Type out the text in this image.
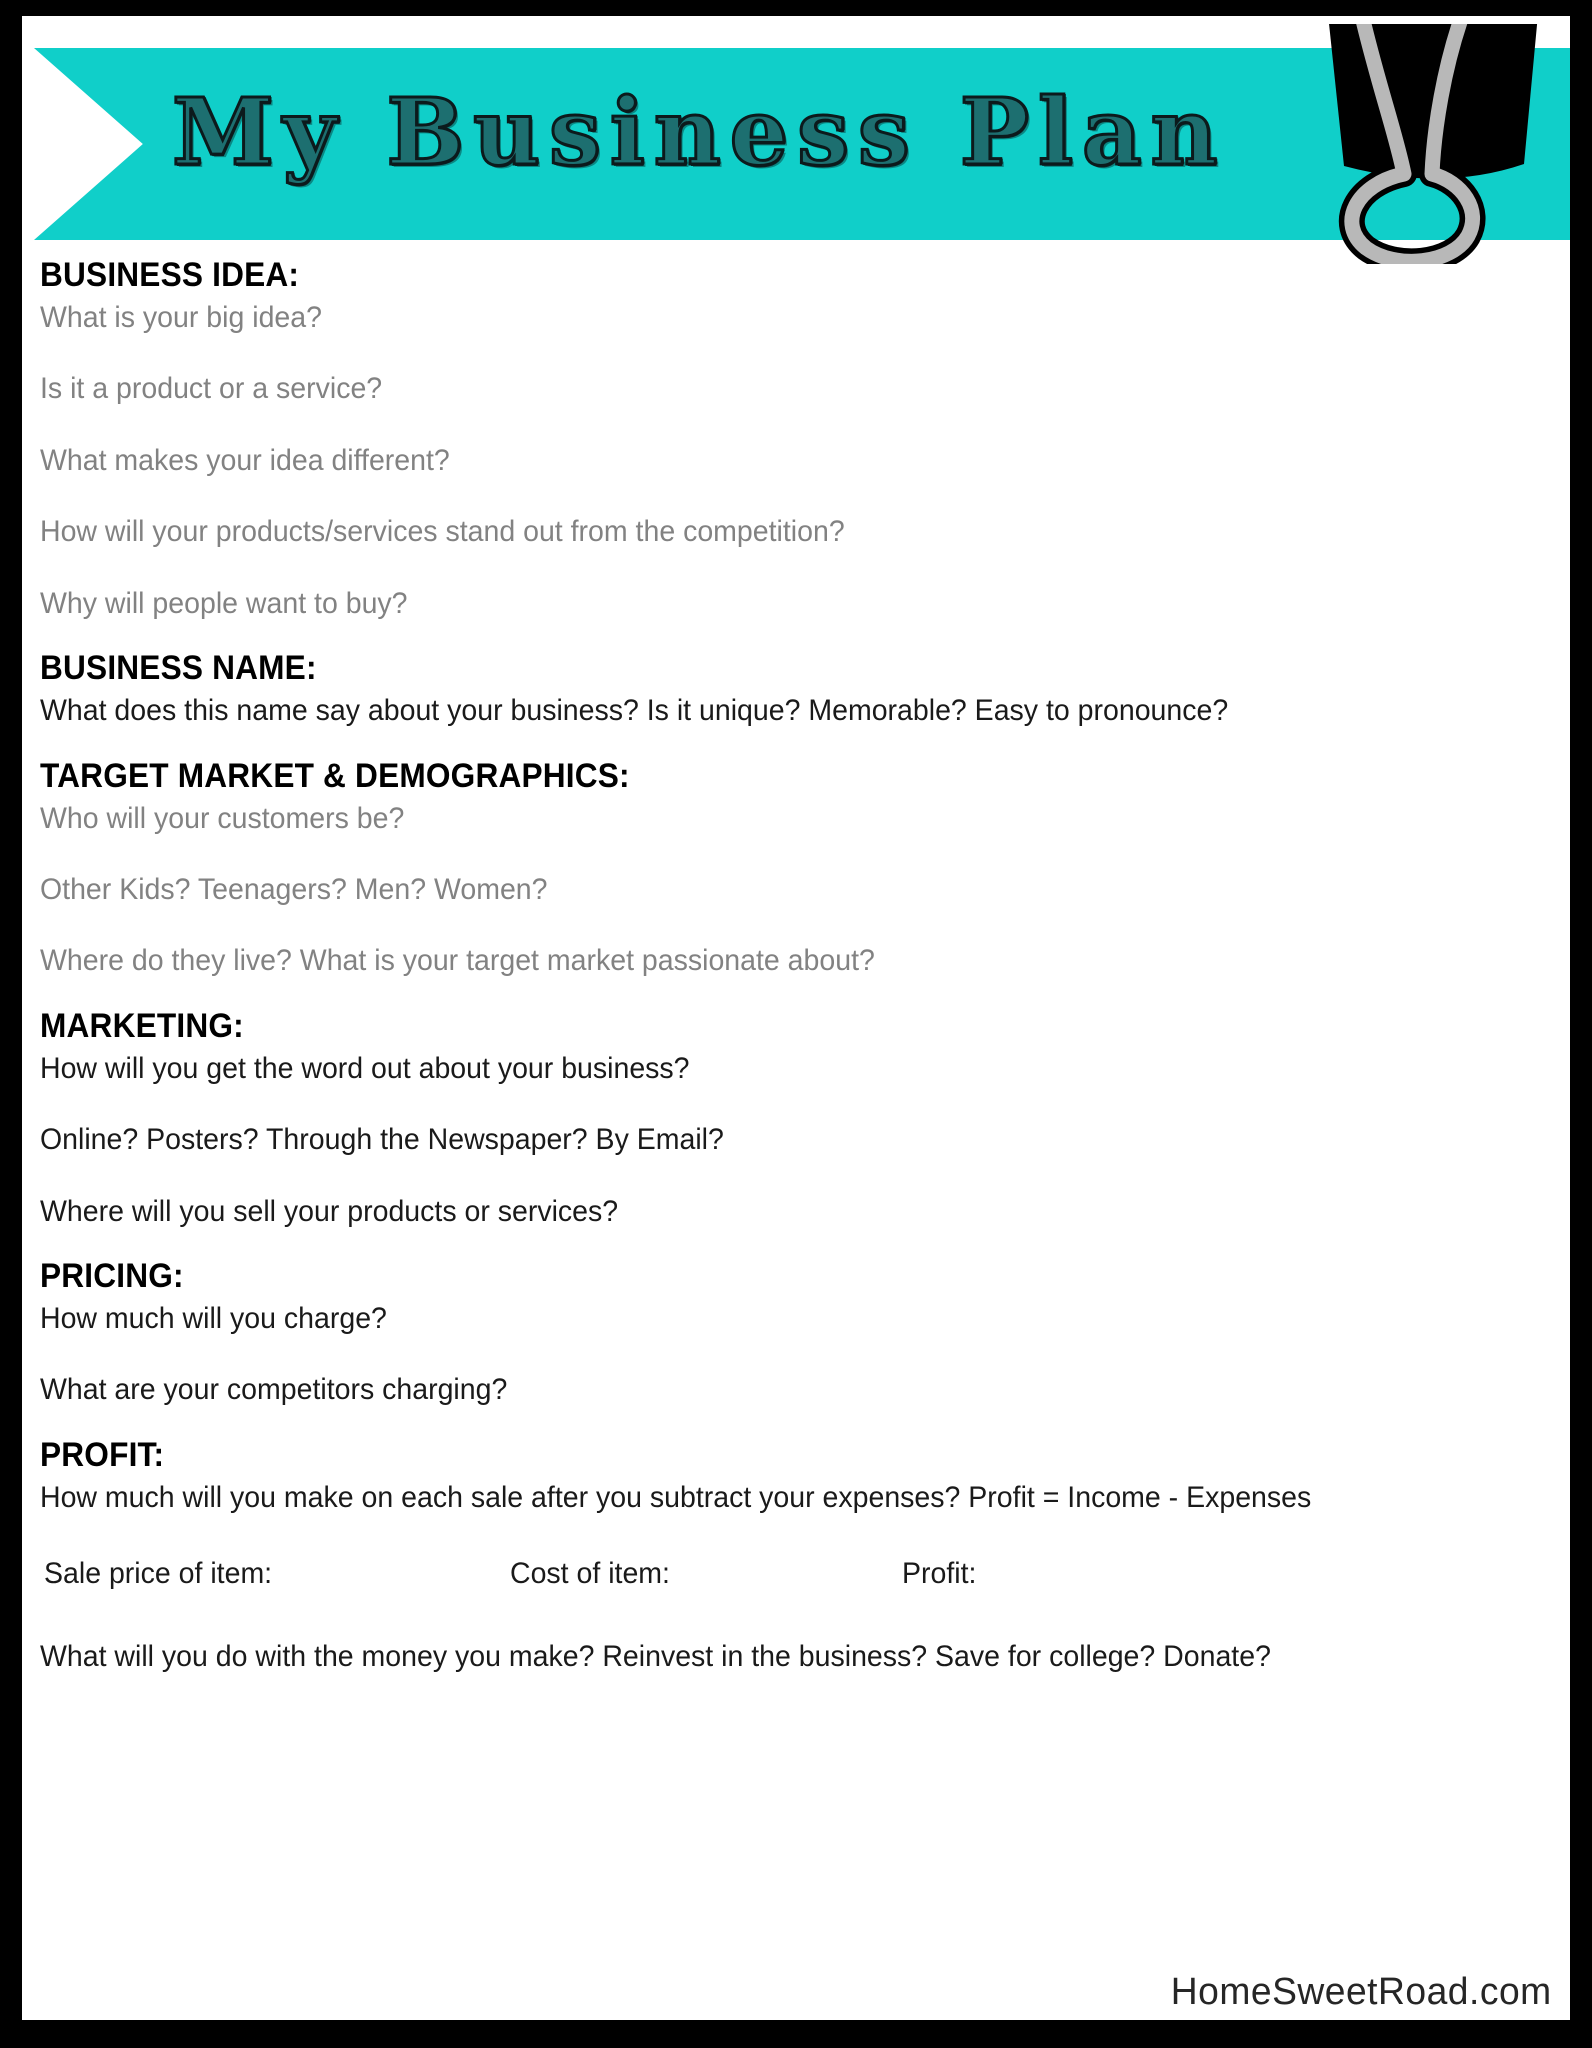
My Business Plan
BUSINESS IDEA:
What is your big idea?
Is it a product or a service?
What makes your idea different?
How will your products/services stand out from the competition?
Why will people want to buy?
BUSINESS NAME:
What does this name say about your business? Is it unique? Memorable? Easy to pronounce?
TARGET MARKET & DEMOGRAPHICS:
Who will your customers be?
Other Kids? Teenagers? Men? Women?
Where do they live? What is your target market passionate about?
MARKETING:
How will you get the word out about your business?
Online? Posters? Through the Newspaper? By Email?
Where will you sell your products or services?
PRICING:
How much will you charge?
What are your competitors charging?
PROFIT:
How much will you make on each sale after you subtract your expenses? Profit = Income - Expenses
Sale price of item:	Cost of item:	Profit:
What will you do with the money you make? Reinvest in the business? Save for college? Donate?
HomeSweetRoad.com
